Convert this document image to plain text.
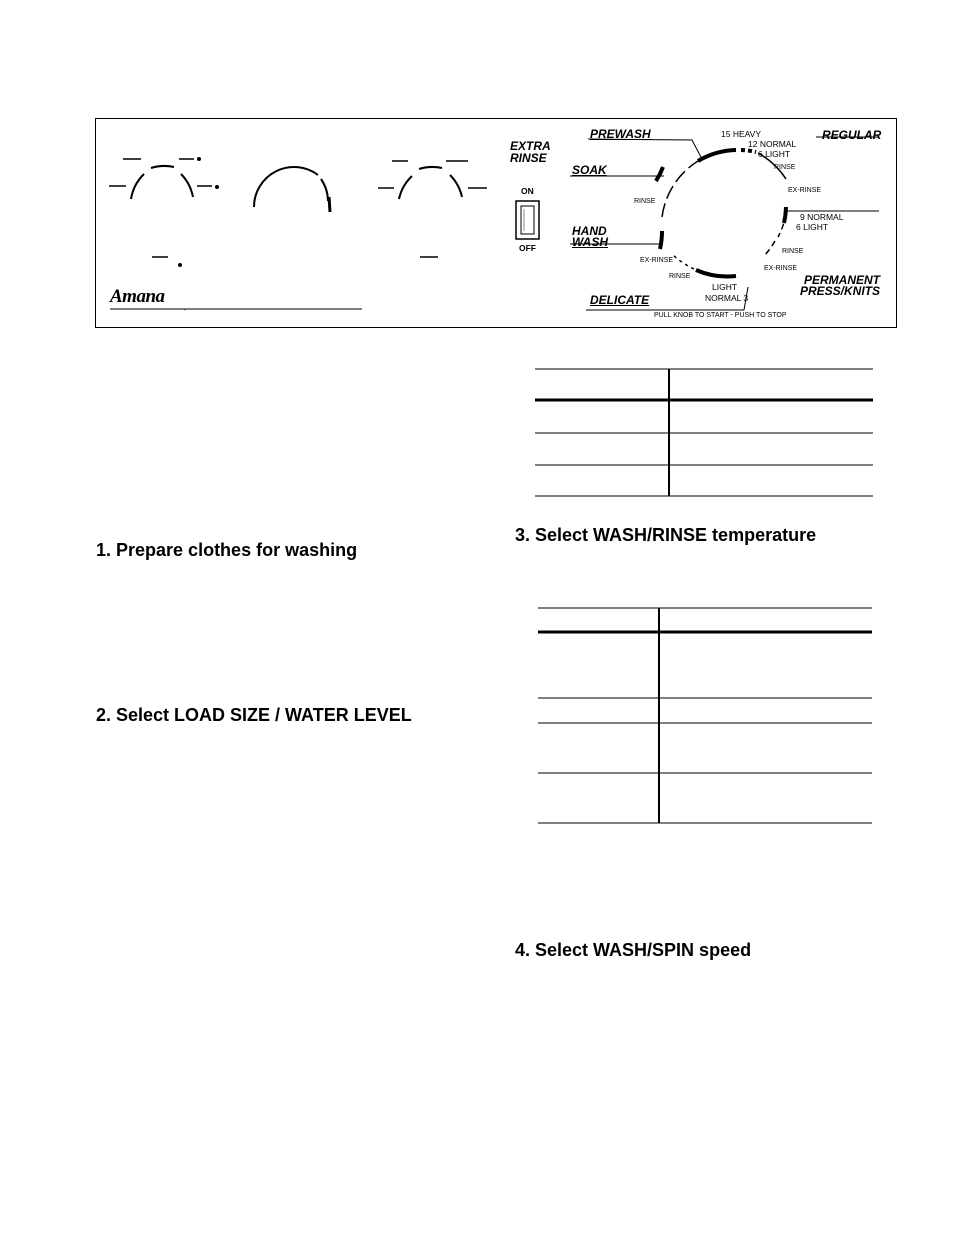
Amana
,
EXTRA
RINSE
ON
OFF
PREWASH
SOAK
HAND
WASH
DELICATE
REGULAR
PERMANENT
PRESS/KNITS
15 HEAVY
12 NORMAL
6 LIGHT
RINSE
EX-RINSE
9 NORMAL
6 LIGHT
RINSE
EX-RINSE
LIGHT
NORMAL 3
RINSE
EX-RINSE
RINSE
PULL KNOB TO START - PUSH TO STOP
1. Prepare clothes for washing
2. Select LOAD SIZE / WATER LEVEL
3. Select WASH/RINSE temperature
4. Select WASH/SPIN speed
